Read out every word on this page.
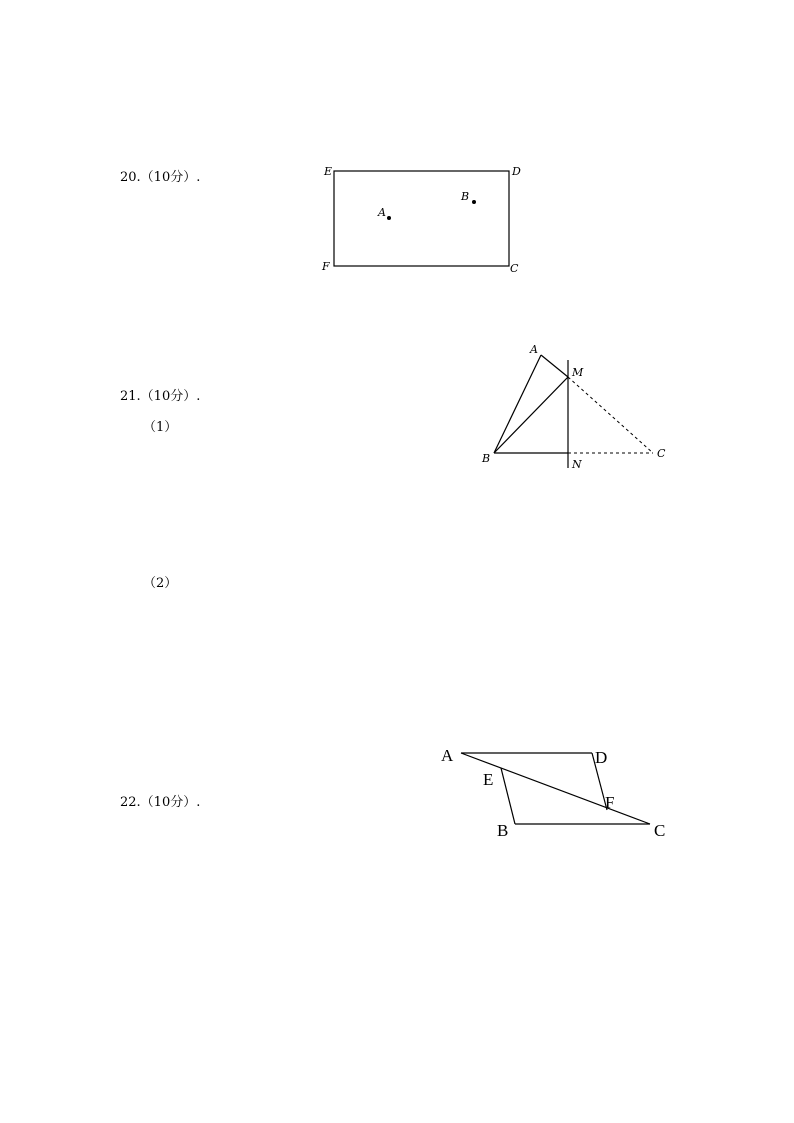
20.（10分）.	E	D
F	C
A
B
21.（10分）.
（1）
（2）
A
M
B	N
C
22.（10分）.
A	D
E
F
B	C
